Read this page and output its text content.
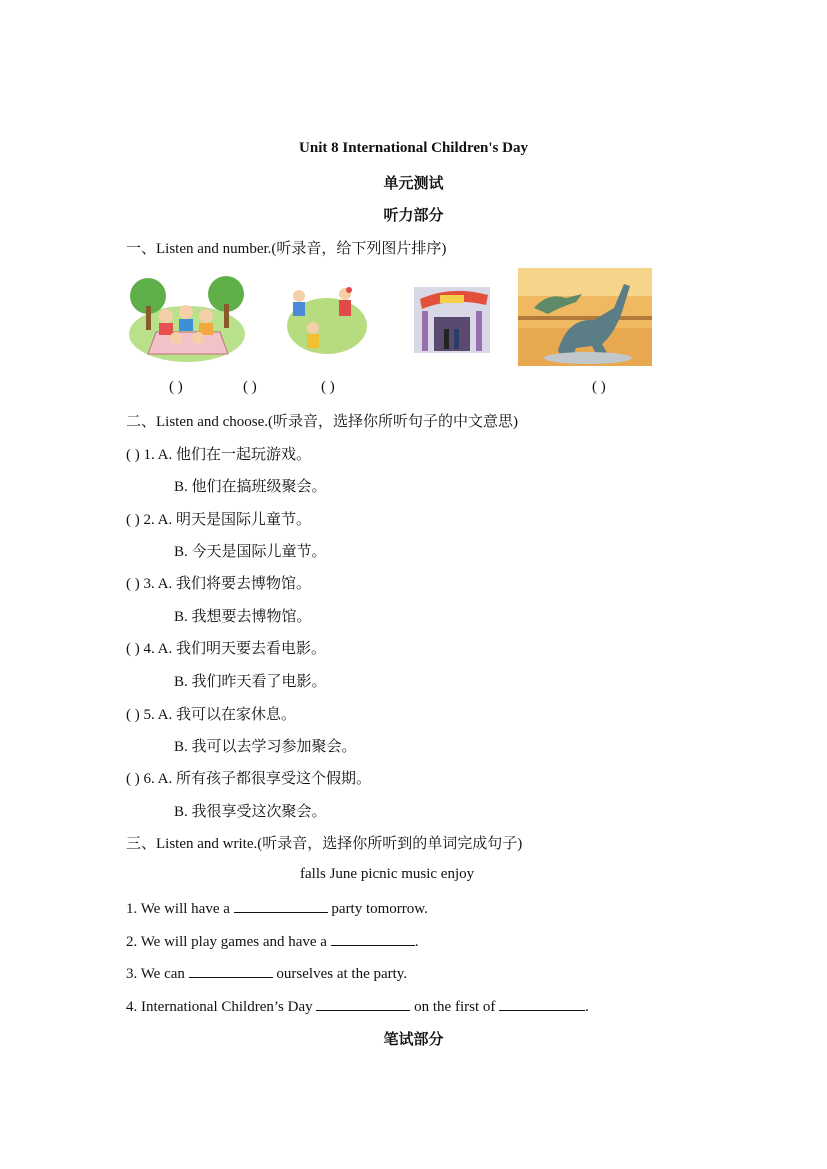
Unit 8 International Children's Day
单元测试
听力部分
一、Listen and number.(听录音，给下列图片排序)
( )	( )	( )	( )
二、Listen and choose.(听录音，选择你所听句子的中文意思)
( ) 1. A. 他们在一起玩游戏。
B. 他们在搞班级聚会。
( ) 2. A. 明天是国际儿童节。
B. 今天是国际儿童节。
( ) 3. A. 我们将要去博物馆。
B. 我想要去博物馆。
( ) 4. A. 我们明天要去看电影。
B. 我们昨天看了电影。
( ) 5. A. 我可以在家休息。
B. 我可以去学习参加聚会。
( ) 6. A. 所有孩子都很享受这个假期。
B. 我很享受这次聚会。
三、Listen and write.(听录音，选择你所听到的单词完成句子)
falls June picnic music enjoy
1. We will have a	party tomorrow.
2. We will play games and have a	.
3. We can	ourselves at the party.
4. International Children’s Day	on the first of	.
笔试部分
